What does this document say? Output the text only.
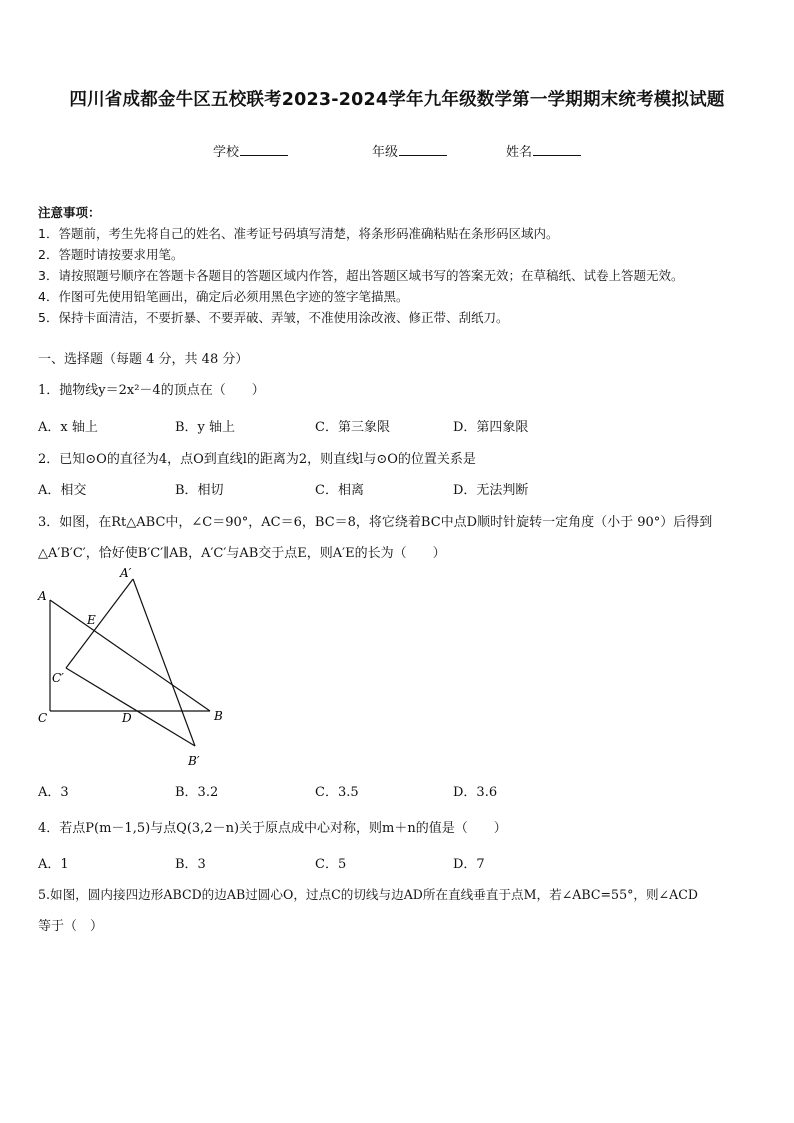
四川省成都金牛区五校联考2023-2024学年九年级数学第一学期期末统考模拟试题
学校	年级	姓名
注意事项：
1．答题前，考生先将自己的姓名、准考证号码填写清楚，将条形码准确粘贴在条形码区域内。
2．答题时请按要求用笔。
3．请按照题号顺序在答题卡各题目的答题区域内作答，超出答题区域书写的答案无效；在草稿纸、试卷上答题无效。
4．作图可先使用铅笔画出，确定后必须用黑色字迹的签字笔描黑。
5．保持卡面清洁，不要折暴、不要弄破、弄皱，不准使用涂改液、修正带、刮纸刀。
一、选择题（每题 4 分，共 48 分）
1．抛物线y＝2x²－4的顶点在（　　）
A．x 轴上	B．y 轴上	C．第三象限	D．第四象限
2．已知⊙O的直径为4，点O到直线l的距离为2，则直线l与⊙O的位置关系是
A．相交	B．相切	C．相离	D．无法判断
3．如图，在Rt△ABC中，∠C＝90°，AC＝6，BC＝8，将它绕着BC中点D顺时针旋转一定角度（小于 90°）后得到
△A′B′C′，恰好使B′C′∥AB，A′C′与AB交于点E，则A′E的长为（　　）
A
A′
E
C′
C	D	B
B′
A．3	B．3.2	C．3.5	D．3.6
4．若点P(m－1,5)与点Q(3,2－n)关于原点成中心对称，则m＋n的值是（　　）
A．1	B．3	C．5	D．7
5.如图，圆内接四边形ABCD的边AB过圆心O，过点C的切线与边AD所在直线垂直于点M，若∠ABC=55°，则∠ACD
等于（　）
